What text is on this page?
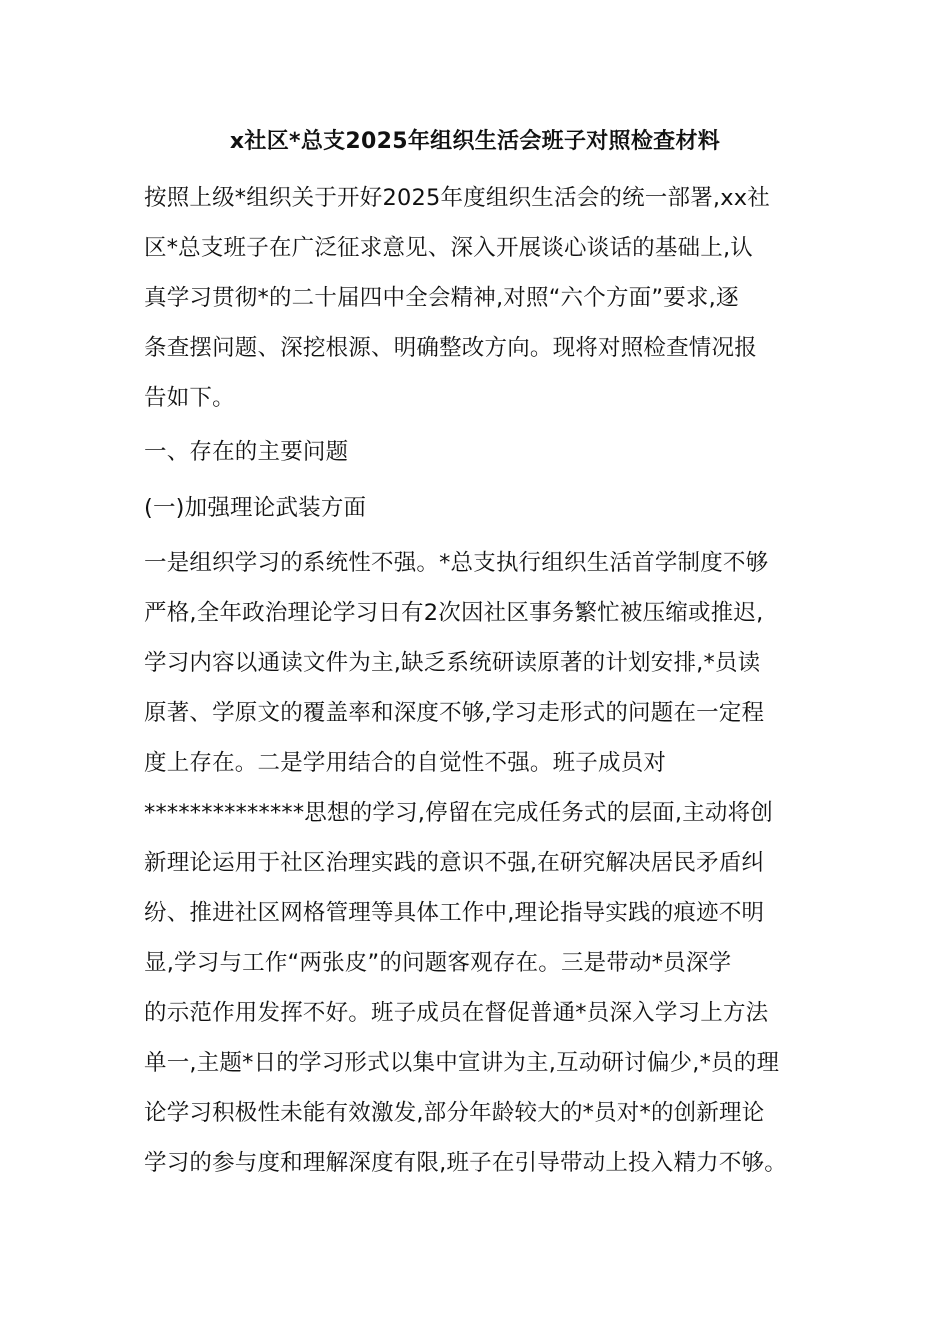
x社区*总支2025年组织生活会班子对照检查材料

按照上级*组织关于开好2025年度组织生活会的统一部署,xx社

区*总支班子在广泛征求意见、深入开展谈心谈话的基础上,认

真学习贯彻*的二十届四中全会精神,对照“六个方面”要求,逐

条查摆问题、深挖根源、明确整改方向。现将对照检查情况报

告如下。

一、存在的主要问题

(一)加强理论武装方面

一是组织学习的系统性不强。*总支执行组织生活首学制度不够

严格,全年政治理论学习日有2次因社区事务繁忙被压缩或推迟,

学习内容以通读文件为主,缺乏系统研读原著的计划安排,*员读

原著、学原文的覆盖率和深度不够,学习走形式的问题在一定程

度上存在。二是学用结合的自觉性不强。班子成员对

**************思想的学习,停留在完成任务式的层面,主动将创

新理论运用于社区治理实践的意识不强,在研究解决居民矛盾纠

纷、推进社区网格管理等具体工作中,理论指导实践的痕迹不明

显,学习与工作“两张皮”的问题客观存在。三是带动*员深学

的示范作用发挥不好。班子成员在督促普通*员深入学习上方法

单一,主题*日的学习形式以集中宣讲为主,互动研讨偏少,*员的理

论学习积极性未能有效激发,部分年龄较大的*员对*的创新理论

学习的参与度和理解深度有限,班子在引导带动上投入精力不够。
